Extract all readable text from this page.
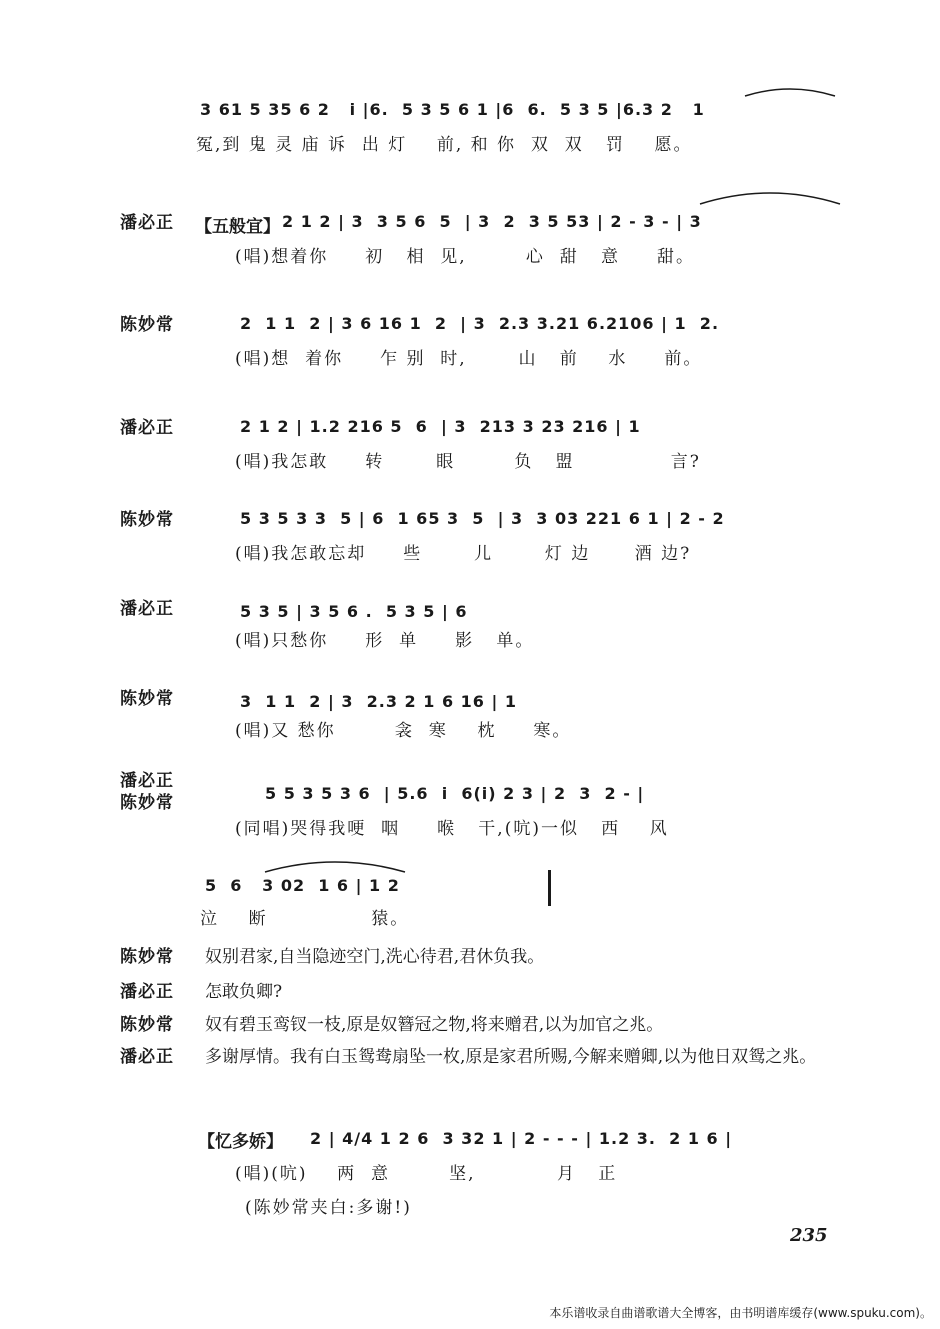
3 61 5 35 6 2   i |6.  5 3 5 6 1 |6  6.  5 3 5 |6.3 2   1
冤,到 鬼 灵 庙 诉  出 灯    前, 和 你  双  双   罚    愿。
潘必正 【五般宜】 2 1 2 | 3  3 5 6  5  | 3  2  3 5 53 | 2 - 3 - | 3
(唱)想着你     初   相  见,        心  甜   意     甜。
陈妙常	2  1 1  2 | 3 6 16 1  2  | 3  2.3 3.21 6.2106 | 1  2.
(唱)想  着你     乍 别  时,       山   前    水     前。
潘必正	2 1 2 | 1.2 216 5  6  | 3  213 3 23 216 | 1
(唱)我怎敢     转       眼        负   盟             言?
陈妙常	5 3 5 3 3  5 | 6  1 65 3  5  | 3  3 03 221 6 1 | 2 - 2
(唱)我怎敢忘却     些       儿       灯 边      酒 边?
潘必正	5 3 5 | 3 5 6 .  5 3 5 | 6
(唱)只愁你     形  单     影   单。
陈妙常	3  1 1  2 | 3  2.3 2 1 6 16 | 1
(唱)又 愁你        衾  寒    枕     寒。
潘必正
陈妙常	5 5 3 5 3 6  | 5.6  i  6(i) 2 3 | 2  3  2 - |
(同唱)哭得我哽  咽     喉   干,(吭)一似   西    风
5  6   3 02  1 6 | 1 2
泣    断              猿。
陈妙常 奴别君家,自当隐迹空门,洗心待君,君休负我。
潘必正 怎敢负卿?
陈妙常 奴有碧玉鸾钗一枝,原是奴簪冠之物,将来赠君,以为加官之兆。
潘必正 多谢厚情。我有白玉鸳鸯扇坠一枚,原是家君所赐,今解来赠卿,以为他日双鸳之兆。
【忆多娇】 2 | 4/4 1 2 6  3 32 1 | 2 - - - | 1.2 3.  2 1 6 |
(唱)(吭)    两  意        坚,           月   正
(陈妙常夹白:多谢!)
235
本乐谱收录自曲谱歌谱大全博客，由书明谱库缓存(www.spuku.com)。
